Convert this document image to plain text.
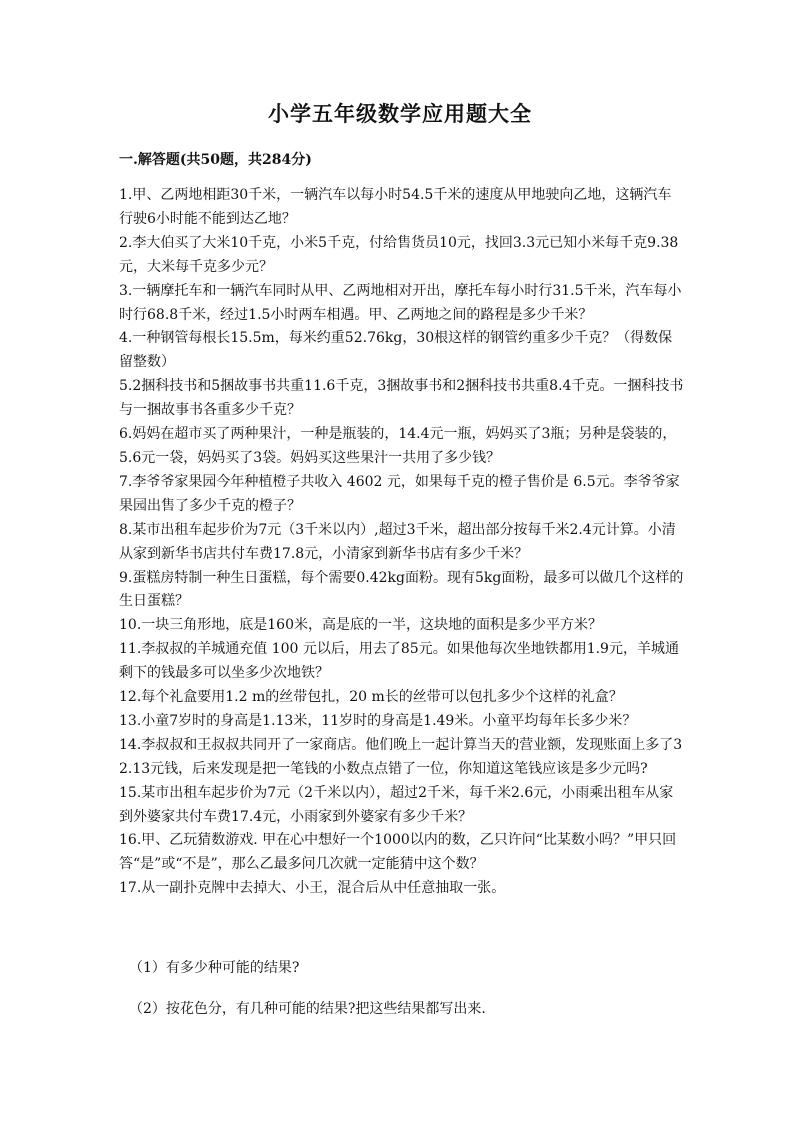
小学五年级数学应用题大全
一.解答题(共50题，共284分)

1.甲、乙两地相距30千米，一辆汽车以每小时54.5千米的速度从甲地驶向乙地，这辆汽车行驶6小时能不能到达乙地？

2.李大伯买了大米10千克，小米5千克，付给售货员10元，找回3.3元已知小米每千克9.38元，大米每千克多少元？

3.一辆摩托车和一辆汽车同时从甲、乙两地相对开出，摩托车每小时行31.5千米，汽车每小时行68.8千米，经过1.5小时两车相遇。甲、乙两地之间的路程是多少千米？

4.一种钢管每根长15.5m，每米约重52.76kg，30根这样的钢管约重多少千克？（得数保留整数）

5.2捆科技书和5捆故事书共重11.6千克，3捆故事书和2捆科技书共重8.4千克。一捆科技书与一捆故事书各重多少千克？

6.妈妈在超市买了两种果汁，一种是瓶装的，14.4元一瓶，妈妈买了3瓶；另种是袋装的，5.6元一袋，妈妈买了3袋。妈妈买这些果汁一共用了多少钱？

7.李爷爷家果园今年种植橙子共收入 4602 元，如果每千克的橙子售价是 6.5元。李爷爷家果园出售了多少千克的橙子？

8.某市出租车起步价为7元（3千米以内）,超过3千米，超出部分按每千米2.4元计算。小清从家到新华书店共付车费17.8元，小清家到新华书店有多少千米？

9.蛋糕房特制一种生日蛋糕，每个需要0.42kg面粉。现有5kg面粉，最多可以做几个这样的生日蛋糕？

10.一块三角形地，底是160米，高是底的一半，这块地的面积是多少平方米？

11.李叔叔的羊城通充值 100 元以后，用去了85元。如果他每次坐地铁都用1.9元，羊城通剩下的钱最多可以坐多少次地铁？

12.每个礼盒要用1.2 m的丝带包扎，20 m长的丝带可以包扎多少个这样的礼盒？

13.小童7岁时的身高是1.13米，11岁时的身高是1.49米。小童平均每年长多少米？

14.李叔叔和王叔叔共同开了一家商店。他们晚上一起计算当天的营业额，发现账面上多了32.13元钱，后来发现是把一笔钱的小数点点错了一位，你知道这笔钱应该是多少元吗?

15.某市出租车起步价为7元（2千米以内），超过2千米，每千米2.6元，小雨乘出租车从家到外婆家共付车费17.4元，小雨家到外婆家有多少千米？

16.甲、乙玩猜数游戏. 甲在心中想好一个1000以内的数，乙只许问“比某数小吗？”甲只回答“是”或“不是”，那么乙最多问几次就一定能猜中这个数？

17.从一副扑克牌中去掉大、小王，混合后从中任意抽取一张。

（1）有多少种可能的结果?
（2）按花色分，有几种可能的结果?把这些结果都写出来.
